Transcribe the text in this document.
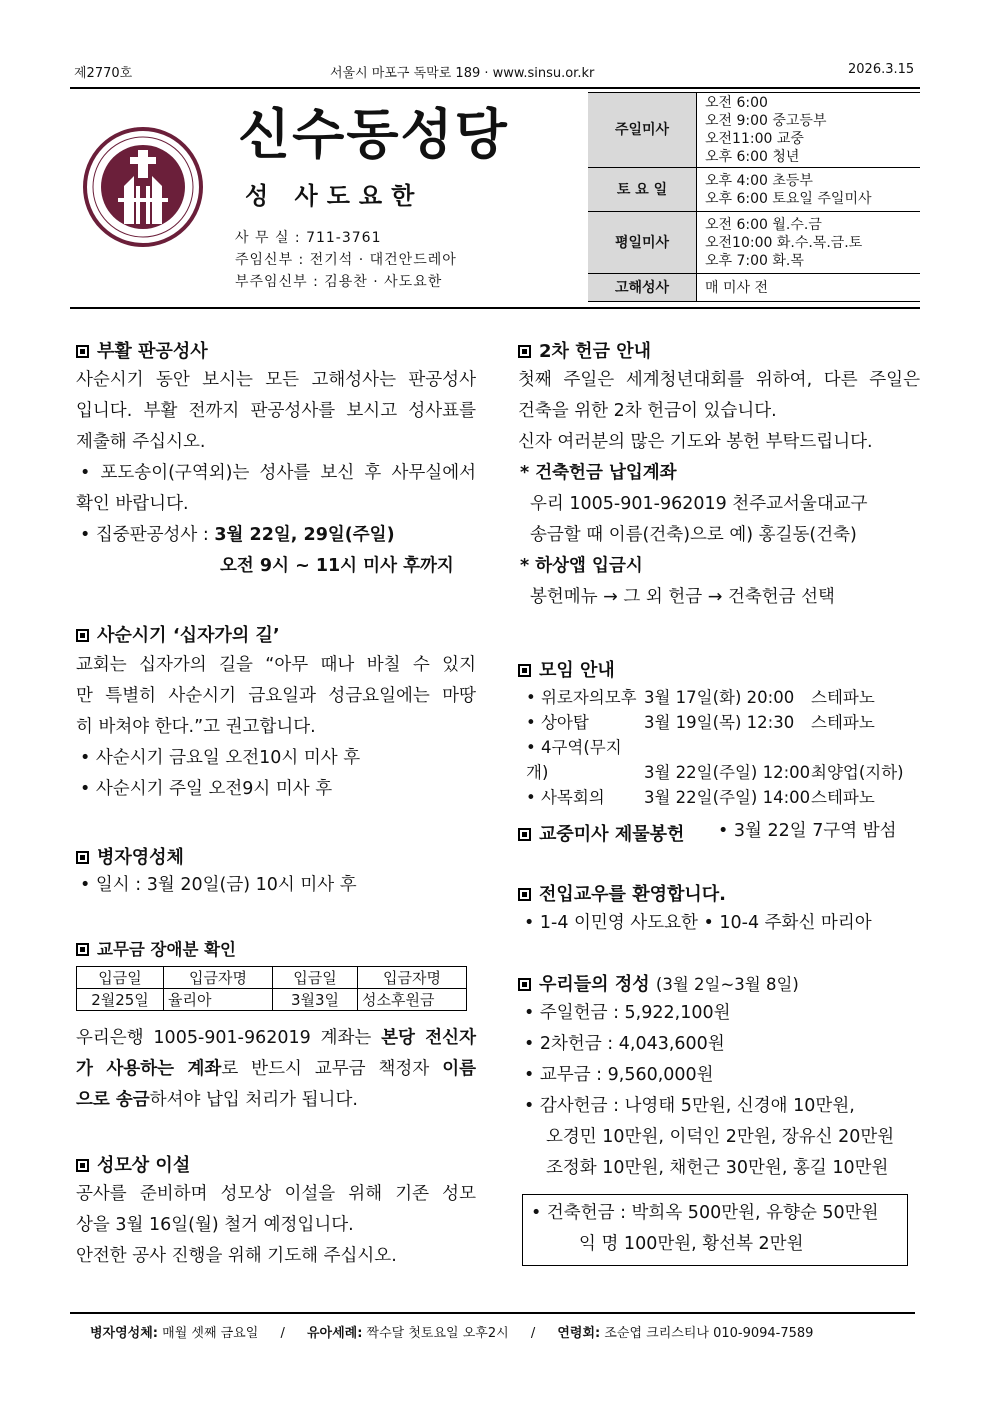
제2770호	서울시 마포구 독막로 189 · www.sinsu.or.kr	2026.3.15
신수동성당
성 사도요한
사 무 실 : 711-3761
주임신부 : 전기석 · 대건안드레아
부주임신부 : 김용찬 · 사도요한
주일미사	오전 6:00
오전 9:00 중고등부
오전11:00 교중
오후 6:00 청년

토 요 일	오후 4:00 초등부
오후 6:00 토요일 주일미사

평일미사	오전 6:00 월.수.금
오전10:00 화.수.목.금.토
오후 7:00 화.목

고해성사	매 미사 전
부활 판공성사
사순시기 동안 보시는 모든 고해성사는 판공성사
입니다. 부활 전까지 판공성사를 보시고 성사표를
제출해 주십시오.
• 포도송이(구역외)는 성사를 보신 후 사무실에서
확인 바랍니다.
• 집중판공성사 : 3월 22일, 29일(주일)
오전 9시 ~ 11시 미사 후까지
사순시기 ‘십자가의 길’
교회는 십자가의 길을 “아무 때나 바칠 수 있지
만 특별히 사순시기 금요일과 성금요일에는 마땅
히 바쳐야 한다.”고 권고합니다.
• 사순시기 금요일 오전10시 미사 후
• 사순시기 주일 오전9시 미사 후
병자영성체
• 일시 : 3월 20일(금) 10시 미사 후
교무금 장애분 확인
입금일	입금자명	입금일	입금자명
2월25일	율리아	3월3일	성소후원금
우리은행 1005-901-962019 계좌는 본당 전신자
가 사용하는 계좌로 반드시 교무금 책정자 이름
으로 송금하셔야 납입 처리가 됩니다.
성모상 이설
공사를 준비하며 성모상 이설을 위해 기존 성모
상을 3월 16일(월) 철거 예정입니다.
안전한 공사 진행을 위해 기도해 주십시오.
2차 헌금 안내
첫째 주일은 세계청년대회를 위하여, 다른 주일은
건축을 위한 2차 헌금이 있습니다.
신자 여러분의 많은 기도와 봉헌 부탁드립니다.
* 건축헌금 납입계좌
우리 1005-901-962019 천주교서울대교구
송금할 때 이름(건축)으로 예) 홍길동(건축)
* 하상앱 입금시
봉헌메뉴 → 그 외 헌금 → 건축헌금 선택
모임 안내
• 위로자의모후 3월 17일(화) 20:00 스테파노
• 상아탑	3월 19일(목) 12:30 스테파노
• 4구역(무지개)	3월 22일(주일) 12:00최양업(지하)
• 사목회의 3월 22일(주일) 14:00스테파노
교중미사 제물봉헌 • 3월 22일 7구역 밤섬
전입교우를 환영합니다.
• 1-4 이민영 사도요한 • 10-4 주화신 마리아
우리들의 정성 (3월 2일~3월 8일)
• 주일헌금 : 5,922,100원
• 2차헌금 : 4,043,600원
• 교무금 : 9,560,000원
• 감사헌금 : 나영태 5만원, 신경애 10만원,
오경민 10만원, 이덕인 2만원, 장유신 20만원
조정화 10만원, 채헌근 30만원, 홍길 10만원
• 건축헌금 : 박희옥 500만원, 유향순 50만원
익 명 100만원, 황선복 2만원
병자영성체: 매월 셋째 금요일 / 유아세례: 짝수달 첫토요일 오후2시 / 연령회: 조순엽 크리스티나 010-9094-7589
